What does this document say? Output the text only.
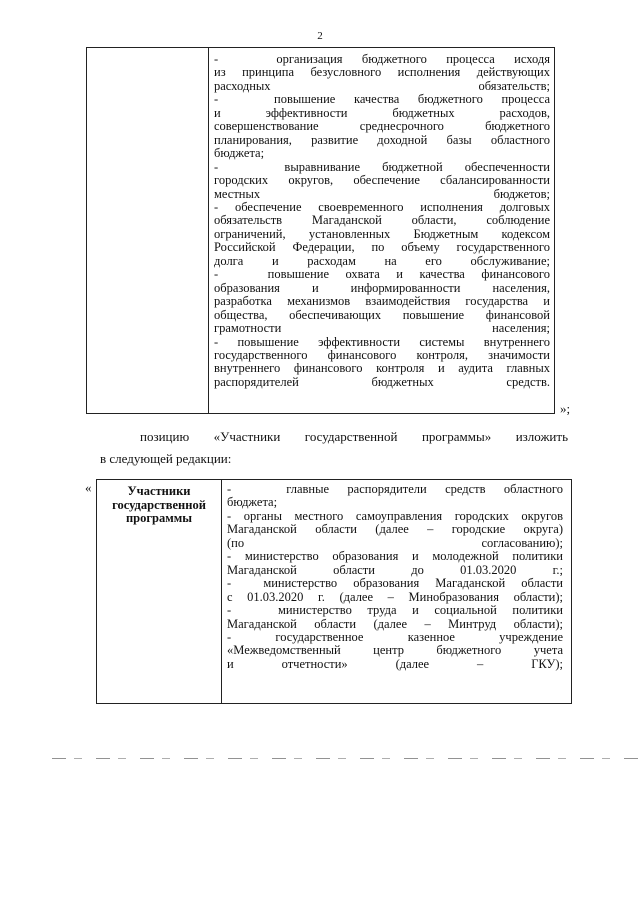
2

-   организация бюджетного процесса исходя
из принципа безусловного исполнения действующих

расходных обязательств;
-   повышение качества бюджетного процесса
и эффективности бюджетных расходов,
совершенствование среднесрочного бюджетного
планирования, развитие доходной базы областного

бюджета;
-   выравнивание бюджетной обеспеченности
городских округов, обеспечение сбалансированности

местных бюджетов;
- обеспечение своевременного исполнения долговых
обязательств Магаданской области, соблюдение
ограничений, установленных Бюджетным кодексом
Российской Федерации, по объему государственного

долга и расходам на его обслуживание;
-   повышение охвата и качества финансового
образования и информированности населения,
разработка механизмов взаимодействия государства и
общества, обеспечивающих повышение финансовой

грамотности населения;
- повышение эффективности системы внутреннего
государственного финансового контроля, значимости
внутреннего финансового контроля и аудита главных

распорядителей бюджетных средств.

»;
позицию «Участники государственной программы» изложить
в следующей редакции:
«	Участники государственной программы

-   главные распорядители средств областного

бюджета;
- органы местного самоуправления городских округов
Магаданской области (далее – городские округа)

(по согласованию);
- министерство образования и молодежной политики

Магаданской области до 01.03.2020 г.;
-  министерство образования Магаданской области

с 01.03.2020 г. (далее – Минобразования области);
-   министерство труда и социальной политики

Магаданской области (далее – Минтруд области);
- государственное казенное учреждение
«Межведомственный центр бюджетного учета

и отчетности» (далее – ГКУ);
